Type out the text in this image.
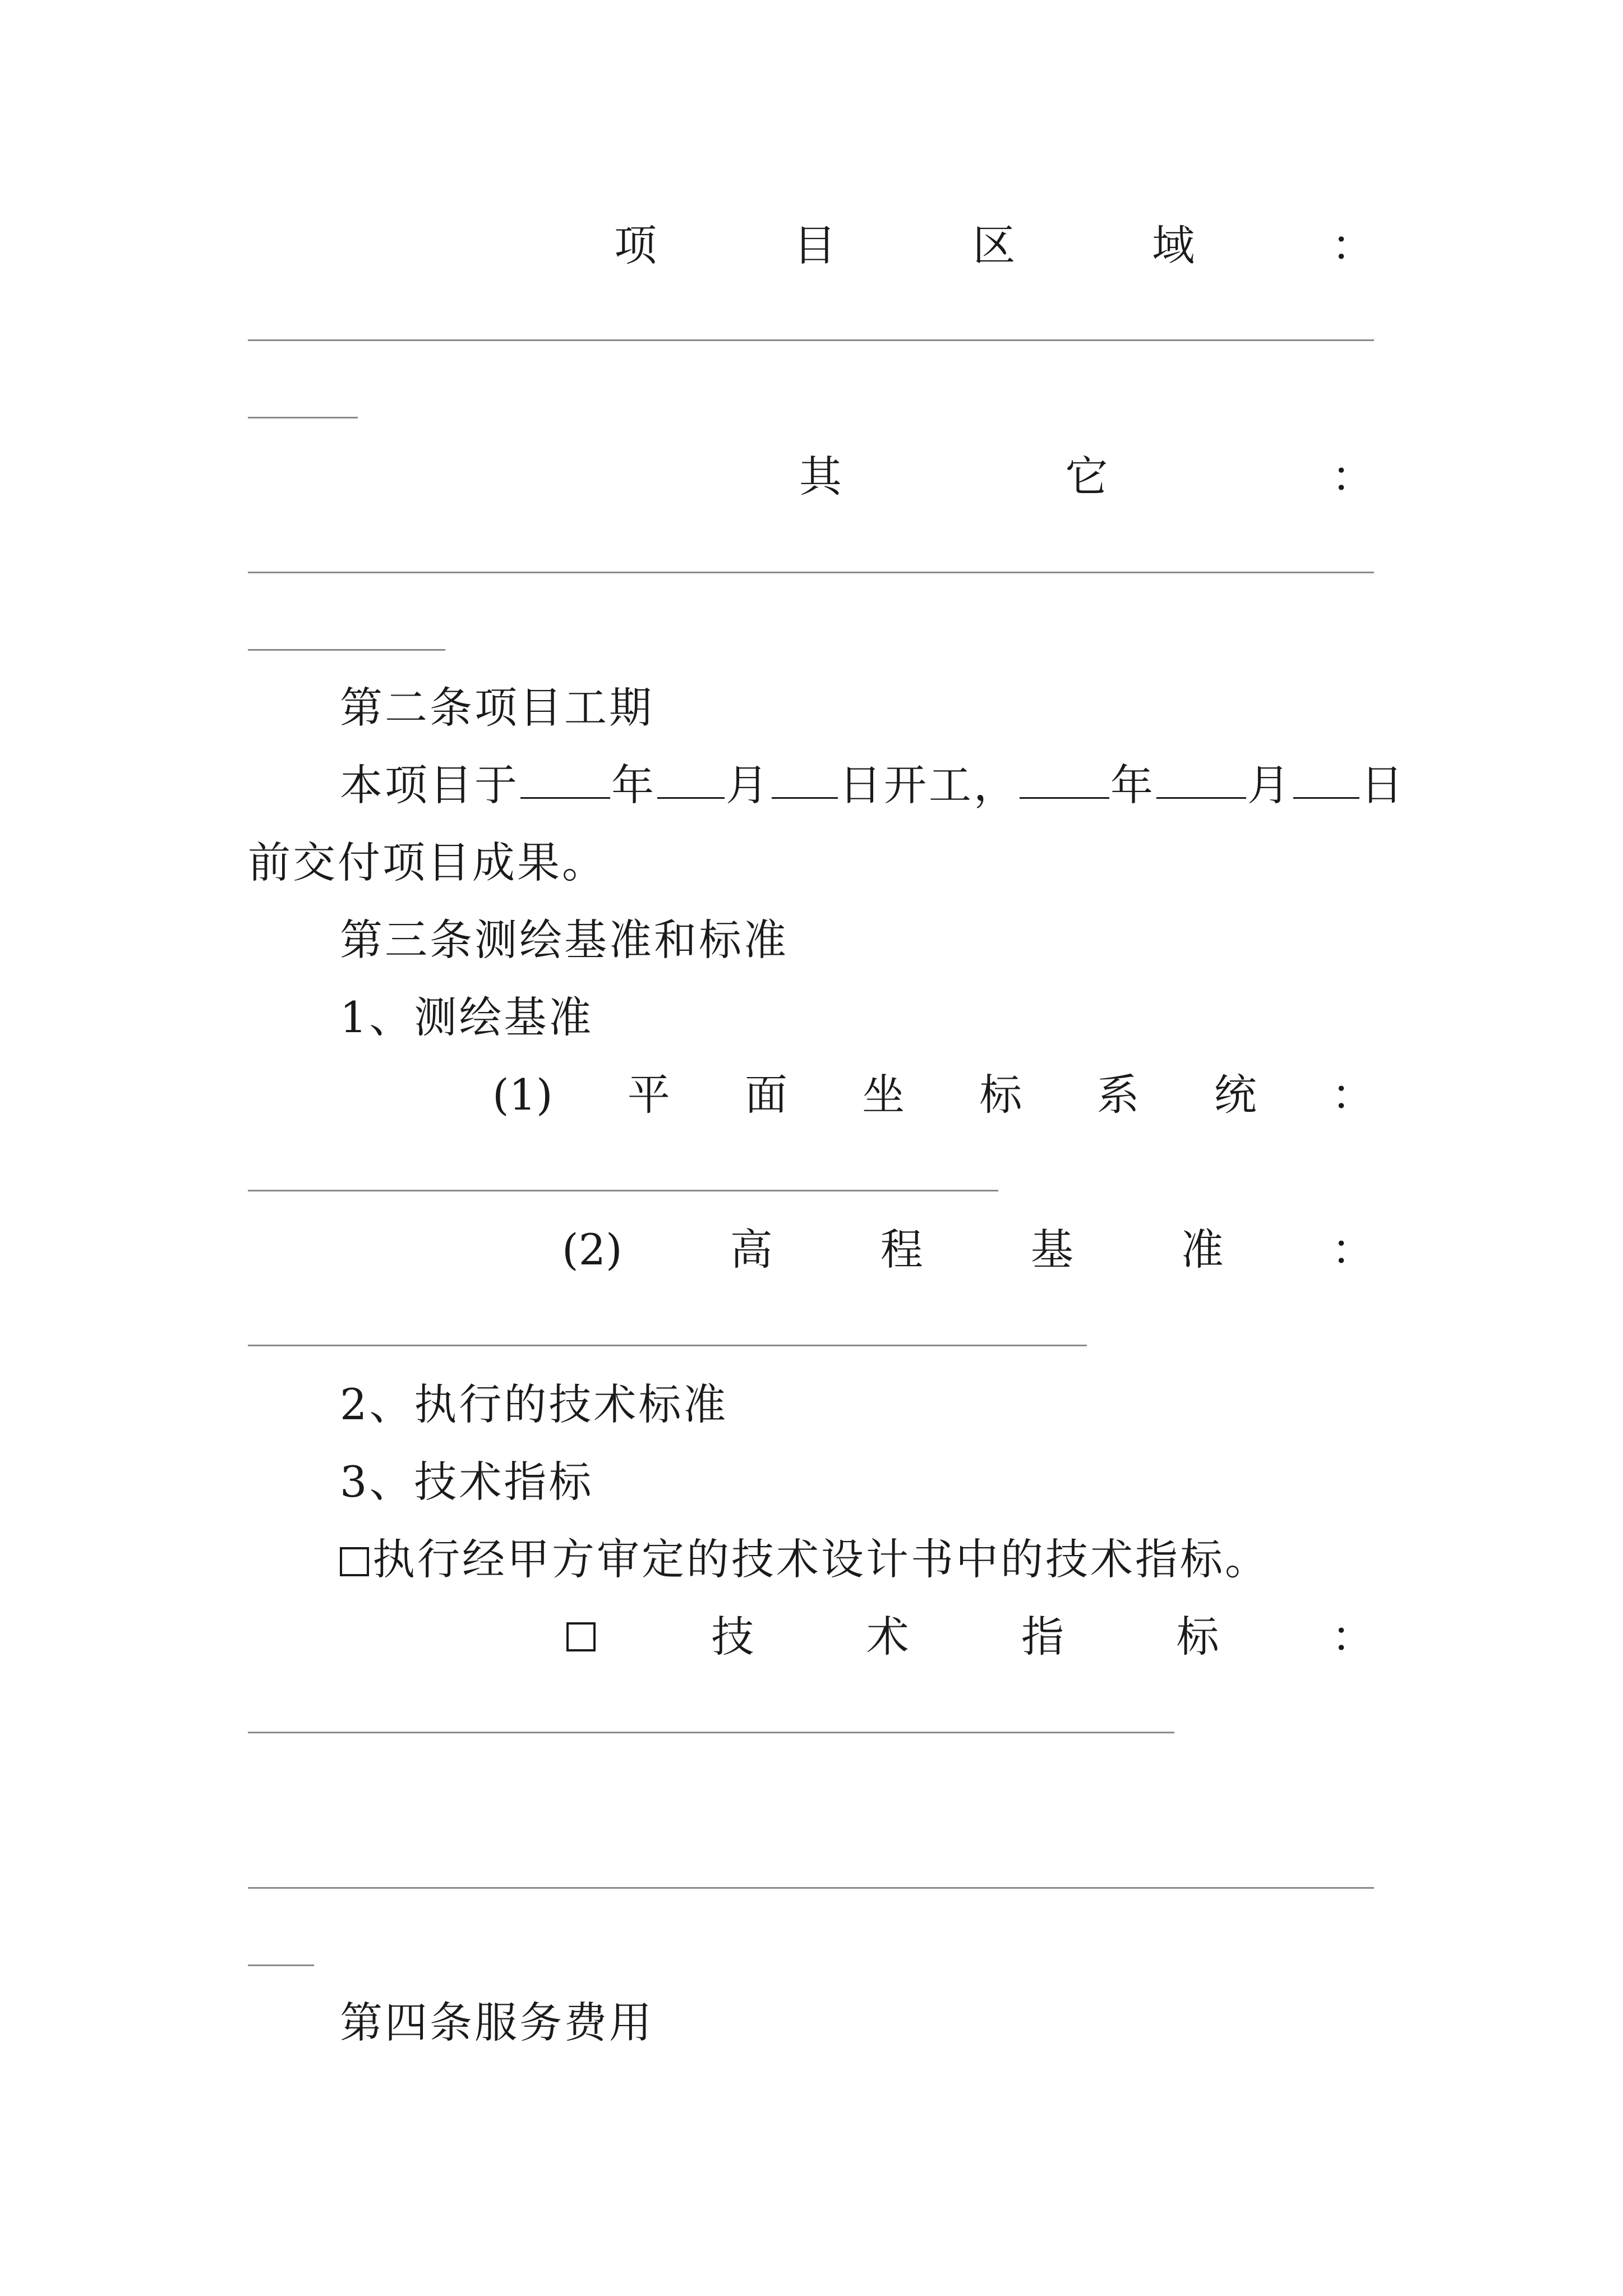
项	目	区	域	：
其	它	：
第二条项目工期
本项目于 年 月 日开工， 年 月 日
前交付项目成果。
第三条测绘基准和标准
1、测绘基准
(1) 平 面 坐 标 系 统 ：
(2)	高	程	基	准	：
2、执行的技术标准
3、技术指标
执行经甲方审定的技术设计书中的技术指标。
技	术	指	标	：
第四条服务费用
